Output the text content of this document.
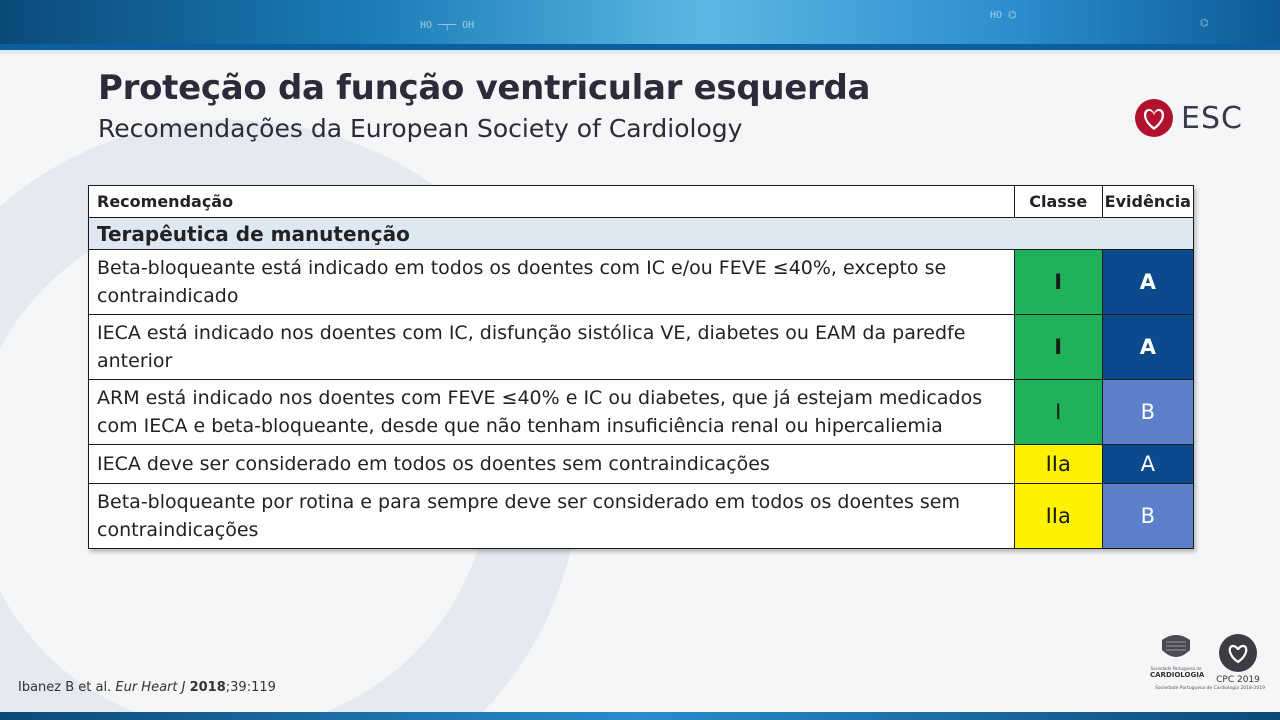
HO ─┬─ OH
HO ⌬
⌬
Proteção da função ventricular esquerda
Recomendações da European Society of Cardiology	ESC
Recomendação	Classe	Evidência
Terapêutica de manutenção		
Beta-bloqueante está indicado em todos os doentes com IC e/ou FEVE ≤40%, excepto se contraindicado	I	A
IECA está indicado nos doentes com IC, disfunção sistólica VE, diabetes ou EAM da paredfe anterior	I	A
ARM está indicado nos doentes com FEVE ≤40% e IC ou diabetes, que já estejam medicados com IECA e beta-bloqueante, desde que não tenham insuficiência renal ou hipercaliemia	I	B
IECA deve ser considerado em todos os doentes sem contraindicações	IIa	A
Beta-bloqueante por rotina e para sempre deve ser considerado em todos os doentes sem contraindicações	IIa	B
Ibanez B et al. Eur Heart J 2018;39:119
Sociedade Portuguesa de
CARDIOLOGIA	CPC 2019
Sociedade Portuguesa de Cardiologia 2018-2019
